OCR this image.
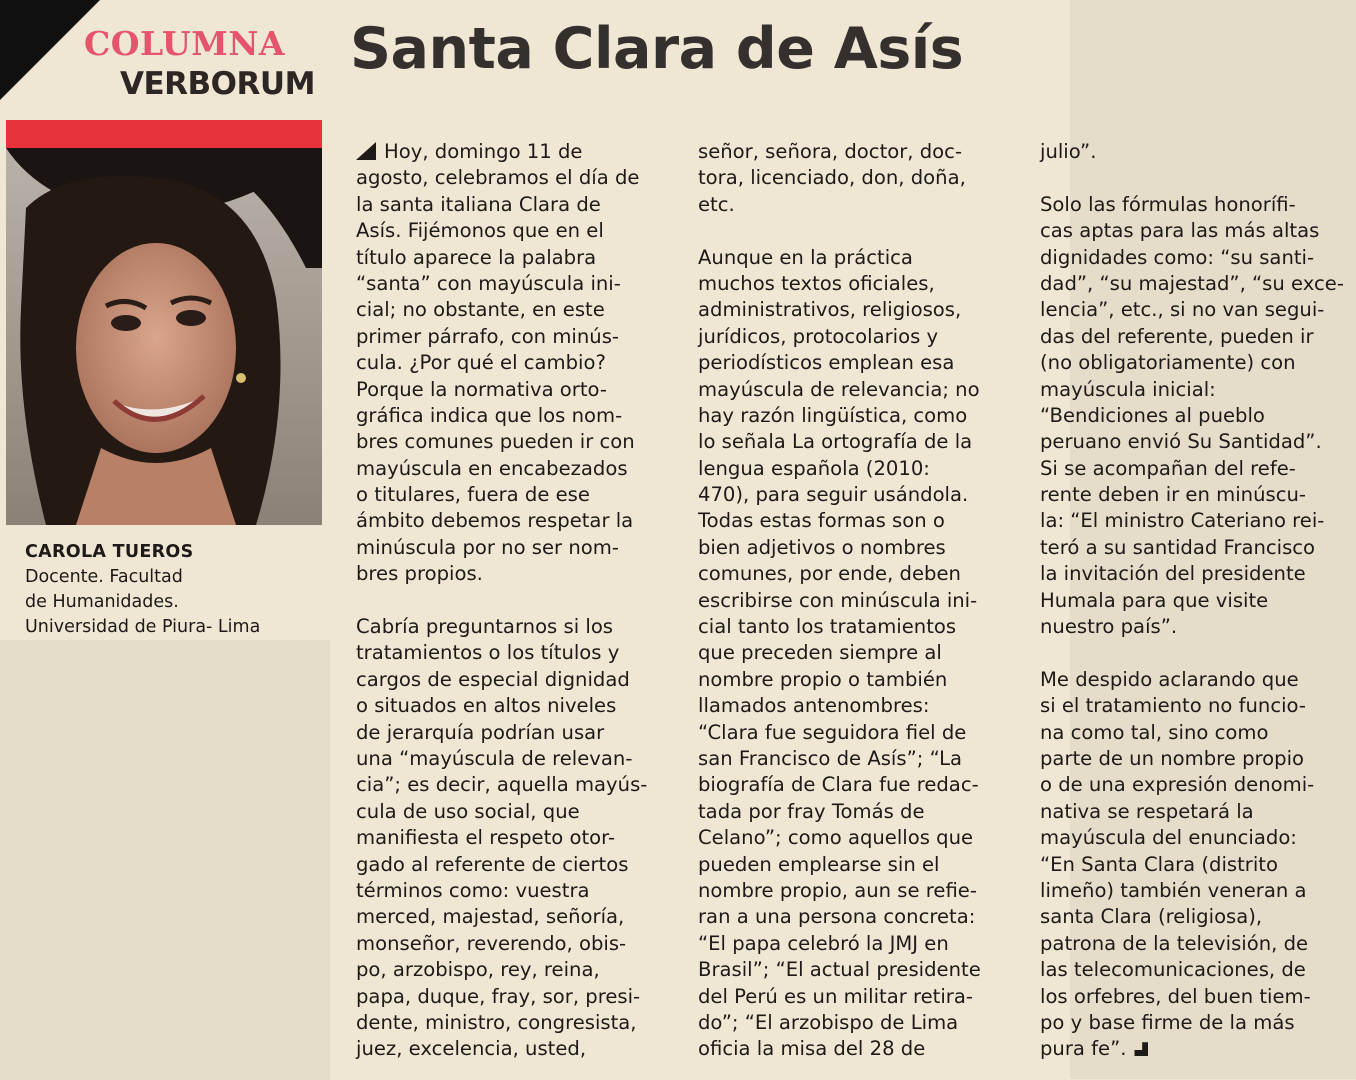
COLUMNA
VERBORUM
Santa Clara de Asís
CAROLA TUEROS
Docente. Facultad
de Humanidades.
Universidad de Piura- Lima
Hoy, domingo 11 de
agosto, celebramos el día de
la santa italiana Clara de
Asís. Fijémonos que en el
título aparece la palabra
“santa” con mayúscula ini-
cial; no obstante, en este
primer párrafo, con minús-
cula. ¿Por qué el cambio?
Porque la normativa orto-
gráfica indica que los nom-
bres comunes pueden ir con
mayúscula en encabezados
o titulares, fuera de ese
ámbito debemos respetar la
minúscula por no ser nom-
bres propios.
Cabría preguntarnos si los
tratamientos o los títulos y
cargos de especial dignidad
o situados en altos niveles
de jerarquía podrían usar
una “mayúscula de relevan-
cia”; es decir, aquella mayús-
cula de uso social, que
manifiesta el respeto otor-
gado al referente de ciertos
términos como: vuestra
merced, majestad, señoría,
monseñor, reverendo, obis-
po, arzobispo, rey, reina,
papa, duque, fray, sor, presi-
dente, ministro, congresista,
juez, excelencia, usted,
señor, señora, doctor, doc-
tora, licenciado, don, doña,
etc.
Aunque en la práctica
muchos textos oficiales,
administrativos, religiosos,
jurídicos, protocolarios y
periodísticos emplean esa
mayúscula de relevancia; no
hay razón lingüística, como
lo señala La ortografía de la
lengua española (2010:
470), para seguir usándola.
Todas estas formas son o
bien adjetivos o nombres
comunes, por ende, deben
escribirse con minúscula ini-
cial tanto los tratamientos
que preceden siempre al
nombre propio o también
llamados antenombres:
“Clara fue seguidora fiel de
san Francisco de Asís”; “La
biografía de Clara fue redac-
tada por fray Tomás de
Celano”; como aquellos que
pueden emplearse sin el
nombre propio, aun se refie-
ran a una persona concreta:
“El papa celebró la JMJ en
Brasil”; “El actual presidente
del Perú es un militar retira-
do”; “El arzobispo de Lima
oficia la misa del 28 de
julio”.
Solo las fórmulas honorífi-
cas aptas para las más altas
dignidades como: “su santi-
dad”, “su majestad”, “su exce-
lencia”, etc., si no van segui-
das del referente, pueden ir
(no obligatoriamente) con
mayúscula inicial:
“Bendiciones al pueblo
peruano envió Su Santidad”.
Si se acompañan del refe-
rente deben ir en minúscu-
la: “El ministro Cateriano rei-
teró a su santidad Francisco
la invitación del presidente
Humala para que visite
nuestro país”.
Me despido aclarando que
si el tratamiento no funcio-
na como tal, sino como
parte de un nombre propio
o de una expresión denomi-
nativa se respetará la
mayúscula del enunciado:
“En Santa Clara (distrito
limeño) también veneran a
santa Clara (religiosa),
patrona de la televisión, de
las telecomunicaciones, de
los orfebres, del buen tiem-
po y base firme de la más
pura fe”.
